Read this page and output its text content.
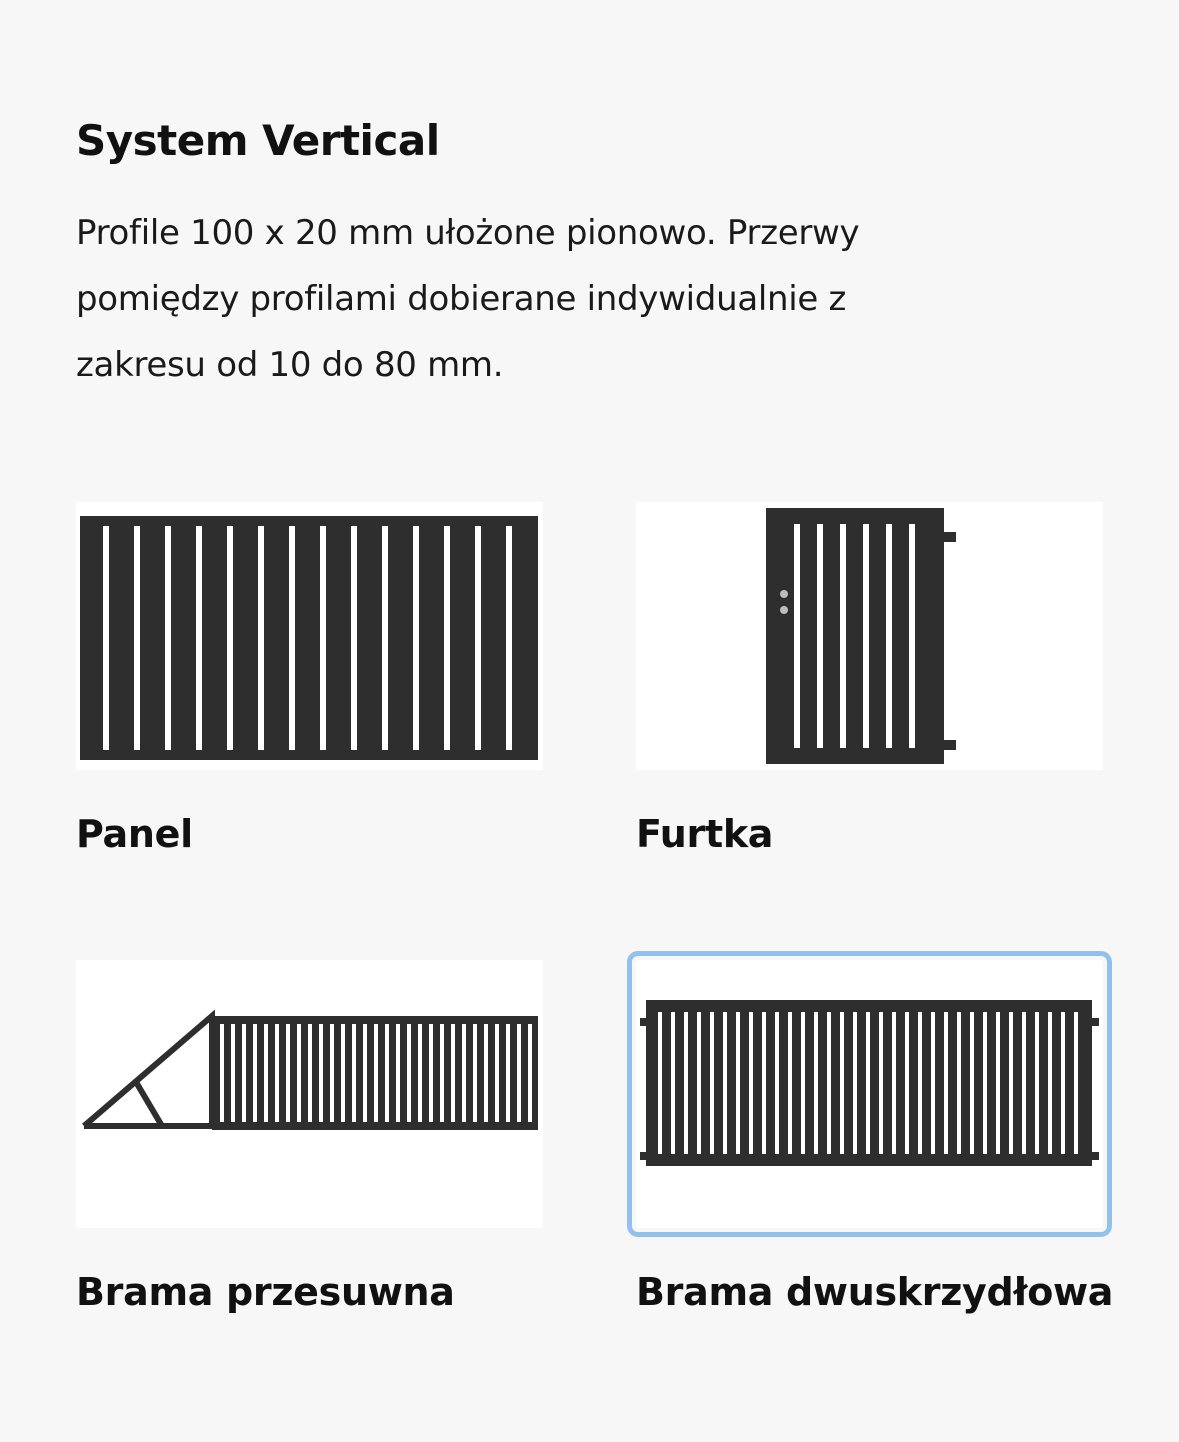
System Vertical

Profile 100 x 20 mm ułożone pionowo. Przerwy pomiędzy profilami dobierane indywidualnie z zakresu od 10 do 80 mm.

Panel	Furtka
Brama przesuwna	Brama dwuskrzydłowa
